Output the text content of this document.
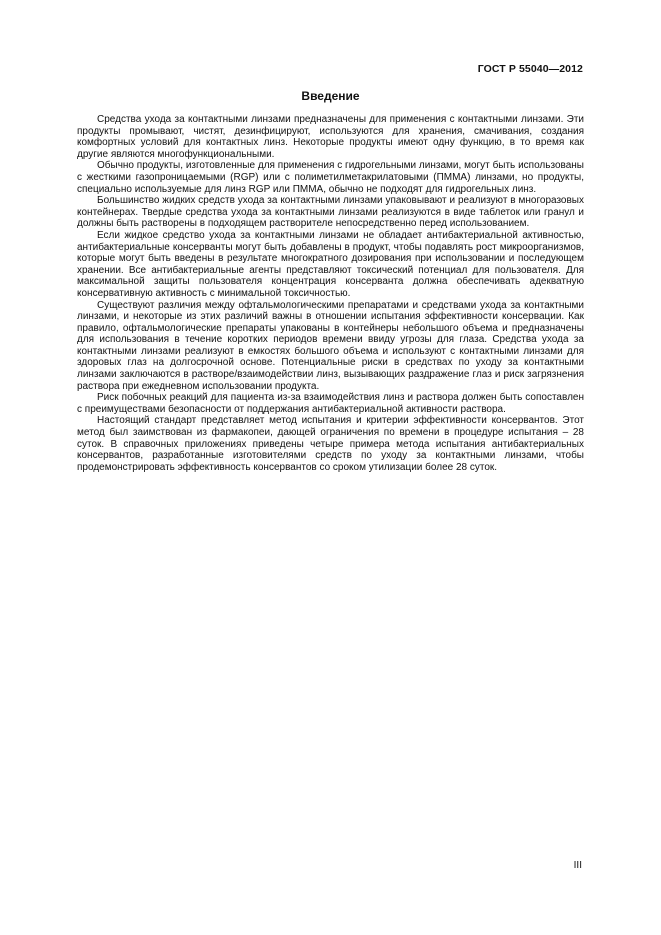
ГОСТ Р 55040—2012
Введение

Средства ухода за контактными линзами предназначены для применения с контактными линзами. Эти продукты промывают, чистят, дезинфицируют, используются для хранения, смачивания, создания комфортных условий для контактных линз. Некоторые продукты имеют одну функцию, в то время как другие являются многофункциональными.

Обычно продукты, изготовленные для применения с гидрогельными линзами, могут быть использованы с жесткими газопроницаемыми (RGP) или с полиметилметакрилатовыми (ПММА) линзами, но продукты, специально используемые для линз RGP или ПММА, обычно не подходят для гидрогельных линз.

Большинство жидких средств ухода за контактными линзами упаковывают и реализуют в многоразовых контейнерах. Твердые средства ухода за контактными линзами реализуются в виде таблеток или гранул и должны быть растворены в подходящем растворителе непосредственно перед использованием.

Если жидкое средство ухода за контактными линзами не обладает антибактериальной активностью, антибактериальные консерванты могут быть добавлены в продукт, чтобы подавлять рост микроорганизмов, которые могут быть введены в результате многократного дозирования при использовании и последующем хранении. Все антибактериальные агенты представляют токсический потенциал для пользователя. Для максимальной защиты пользователя концентрация консерванта должна обеспечивать адекватную консервативную активность с минимальной токсичностью.

Существуют различия между офтальмологическими препаратами и средствами ухода за контактными линзами, и некоторые из этих различий важны в отношении испытания эффективности консервации. Как правило, офтальмологические препараты упакованы в контейнеры небольшого объема и предназначены для использования в течение коротких периодов времени ввиду угрозы для глаза. Средства ухода за контактными линзами реализуют в емкостях большого объема и используют с контактными линзами для здоровых глаз на долгосрочной основе. Потенциальные риски в средствах по уходу за контактными линзами заключаются в растворе/взаимодействии линз, вызывающих раздражение глаз и риск загрязнения раствора при ежедневном использовании продукта.

Риск побочных реакций для пациента из-за взаимодействия линз и раствора должен быть сопоставлен с преимуществами безопасности от поддержания антибактериальной активности раствора.

Настоящий стандарт представляет метод испытания и критерии эффективности консервантов. Этот метод был заимствован из фармакопеи, дающей ограничения по времени в процедуре испытания – 28 суток. В справочных приложениях приведены четыре примера метода испытания антибактериальных консервантов, разработанные изготовителями средств по уходу за контактными линзами, чтобы продемонстрировать эффективность консервантов со сроком утилизации более 28 суток.

III
